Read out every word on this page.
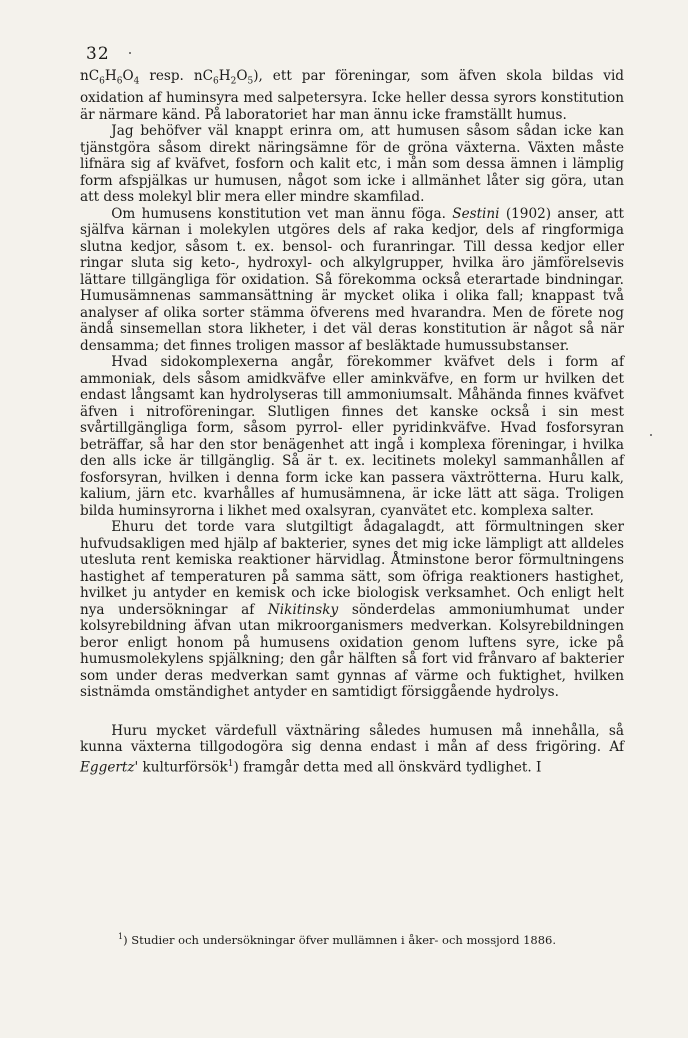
32

$nC_6H_6O_4$ resp. $nC_6H_2O_5$), ett par föreningar, som äfven skola bildas vid oxidation af huminsyra med salpetersyra. Icke heller dessa syrors konstitution är närmare känd. På laboratoriet har man ännu icke framställt humus.

Jag behöfver väl knappt erinra om, att humusen såsom sådan icke kan tjänstgöra såsom direkt näringsämne för de gröna växterna. Växten måste lifnära sig af kväfvet, fosforn och kalit etc, i mån som dessa ämnen i lämplig form afspjälkas ur humusen, något som icke i allmänhet låter sig göra, utan att dess molekyl blir mera eller mindre skamfilad.

Om humusens konstitution vet man ännu föga. Sestini (1902) anser, att själfva kärnan i molekylen utgöres dels af raka kedjor, dels af ringformiga slutna kedjor, såsom t. ex. bensol- och furanringar. Till dessa kedjor eller ringar sluta sig keto-, hydroxyl- och alkylgrupper, hvilka äro jämförelsevis lättare tillgängliga för oxidation. Så förekomma också eterartade bindningar. Humusämnenas sammansättning är mycket olika i olika fall; knappast två analyser af olika sorter stämma öfverens med hvarandra. Men de förete nog ändå sinsemellan stora likheter, i det väl deras konstitution är något så när densamma; det finnes troligen massor af besläktade humussubstanser.

Hvad sidokomplexerna angår, förekommer kväfvet dels i form af ammoniak, dels såsom amidkväfve eller aminkväfve, en form ur hvilken det endast långsamt kan hydrolyseras till ammoniumsalt. Måhända finnes kväfvet äfven i nitroföreningar. Slutligen finnes det kanske också i sin mest svårtillgängliga form, såsom pyrrol- eller pyridinkväfve. Hvad fosforsyran beträffar, så har den stor benägenhet att ingå i komplexa föreningar, i hvilka den alls icke är tillgänglig. Så är t. ex. lecitinets molekyl sammanhållen af fosforsyran, hvilken i denna form icke kan passera växtrötterna. Huru kalk, kalium, järn etc. kvarhålles af humusämnena, är icke lätt att säga. Troligen bilda huminsyrorna i likhet med oxalsyran, cyanvätet etc. komplexa salter.

Ehuru det torde vara slutgiltigt ådagalagdt, att förmultningen sker hufvudsakligen med hjälp af bakterier, synes det mig icke lämpligt att alldeles utesluta rent kemiska reaktioner härvidlag. Åtminstone beror förmultningens hastighet af temperaturen på samma sätt, som öfriga reaktioners hastighet, hvilket ju antyder en kemisk och icke biologisk verksamhet. Och enligt helt nya undersökningar af Nikitinsky sönderdelas ammoniumhumat under kolsyrebildning äfvan utan mikroorganismers medverkan. Kolsyrebildningen beror enligt honom på humusens oxidation genom luftens syre, icke på humusmolekylens spjälkning; den går hälften så fort vid frånvaro af bakterier som under deras medverkan samt gynnas af värme och fuktighet, hvilken sistnämda omständighet antyder en samtidigt försiggående hydrolys.

Huru mycket värdefull växtnäring således humusen må innehålla, så kunna växterna tillgodogöra sig denna endast i mån af dess frigöring. Af Eggertz' kulturförsök$^1$) framgår detta med all önskvärd tydlighet. I

$^1$) Studier och undersökningar öfver mullämnen i åker- och mossjord 1886.
